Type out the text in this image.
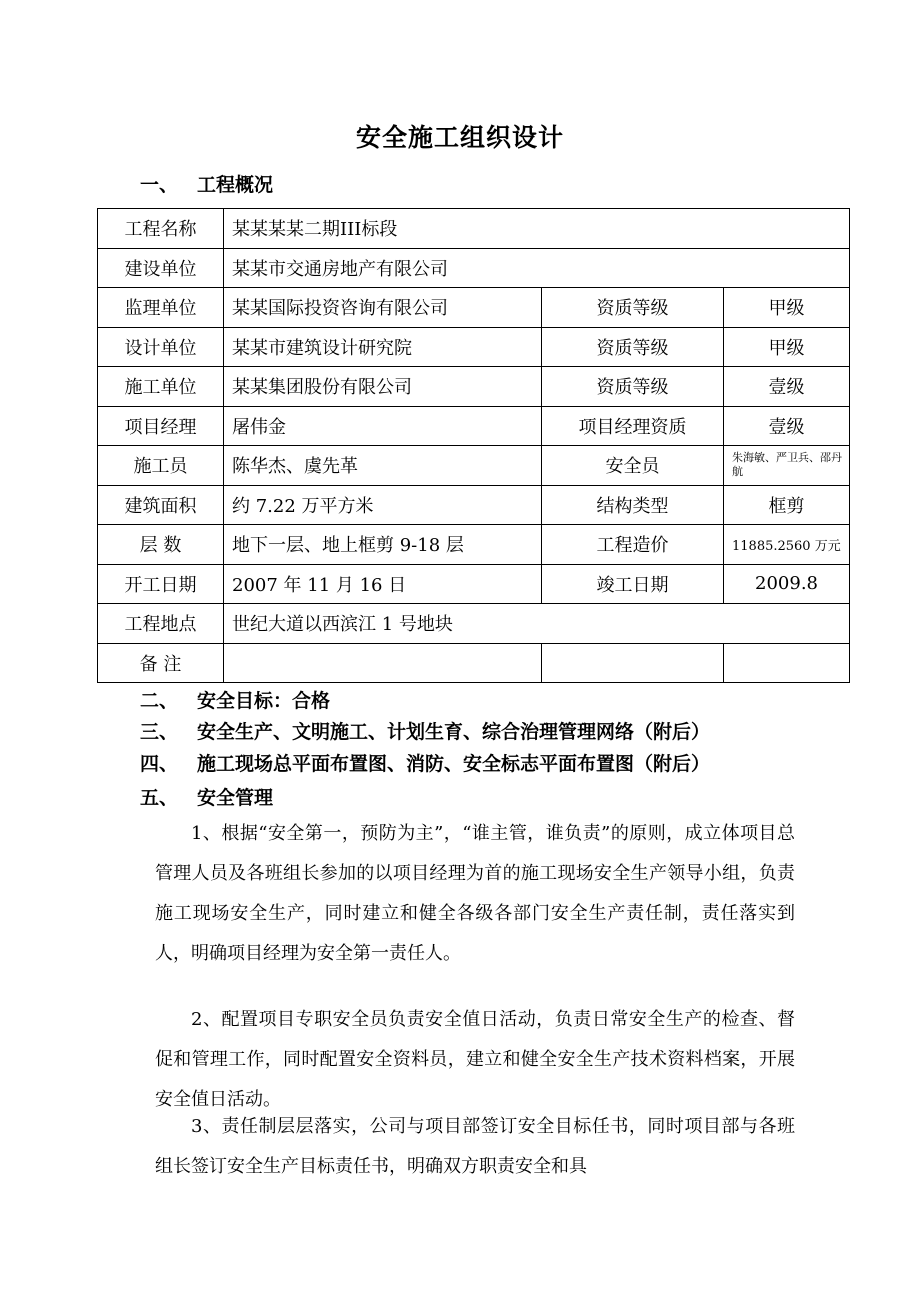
安全施工组织设计
一、 工程概况
工程名称	某某某某二期III标段		
建设单位	某某市交通房地产有限公司		
监理单位	某某国际投资咨询有限公司	资质等级	甲级
设计单位	某某市建筑设计研究院	资质等级	甲级
施工单位	某某集团股份有限公司	资质等级	壹级
项目经理	屠伟金	项目经理资质	壹级
施工员	陈华杰、虞先革	安全员	朱海敏、严卫兵、邵丹航
建筑面积	约 7.22 万平方米	结构类型	框剪
层 数	地下一层、地上框剪 9-18 层	工程造价	11885.2560 万元
开工日期	2007 年 11 月 16 日	竣工日期	2009.8
工程地点	世纪大道以西滨江 1 号地块		
备 注			
二、 安全目标：合格
三、 安全生产、文明施工、计划生育、综合治理管理网络（附后）
四、 施工现场总平面布置图、消防、安全标志平面布置图（附后）
五、 安全管理
1、根据“安全第一，预防为主”，“谁主管，谁负责”的原则，成立体项目总管理人员及各班组长参加的以项目经理为首的施工现场安全生产领导小组，负责施工现场安全生产，同时建立和健全各级各部门安全生产责任制，责任落实到人，明确项目经理为安全第一责任人。
2、配置项目专职安全员负责安全值日活动，负责日常安全生产的检查、督促和管理工作，同时配置安全资料员，建立和健全安全生产技术资料档案，开展安全值日活动。
3、责任制层层落实，公司与项目部签订安全目标任书，同时项目部与各班组长签订安全生产目标责任书，明确双方职责安全和具
